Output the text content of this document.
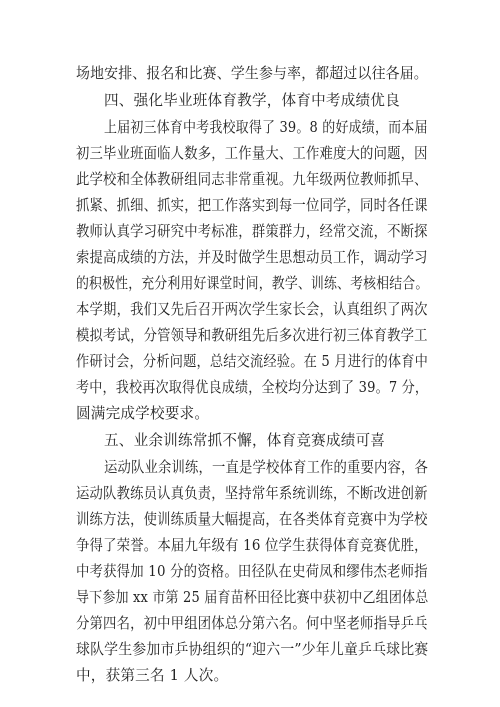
场地安排、报名和比赛、学生参与率，都超过以往各届。
四、强化毕业班体育教学，体育中考成绩优良
上届初三体育中考我校取得了 39。8 的好成绩，而本届
初三毕业班面临人数多，工作量大、工作难度大的问题，因
此学校和全体教研组同志非常重视。九年级两位教师抓早、
抓紧、抓细、抓实，把工作落实到每一位同学，同时各任课
教师认真学习研究中考标准，群策群力，经常交流，不断探
索提高成绩的方法，并及时做学生思想动员工作，调动学习
的积极性，充分利用好课堂时间，教学、训练、考核相结合。
本学期，我们又先后召开两次学生家长会，认真组织了两次
模拟考试，分管领导和教研组先后多次进行初三体育教学工
作研讨会，分析问题，总结交流经验。在 5 月进行的体育中
考中，我校再次取得优良成绩，全校均分达到了 39。7 分，
圆满完成学校要求。
五、业余训练常抓不懈，体育竞赛成绩可喜
运动队业余训练，一直是学校体育工作的重要内容，各
运动队教练员认真负责，坚持常年系统训练，不断改进创新
训练方法，使训练质量大幅提高，在各类体育竞赛中为学校
争得了荣誉。本届九年级有 16 位学生获得体育竞赛优胜，
中考获得加 10 分的资格。田径队在史荷凤和缪伟杰老师指
导下参加 xx 市第 25 届育苗杯田径比赛中获初中乙组团体总
分第四名，初中甲组团体总分第六名。何中坚老师指导乒乓
球队学生参加市乒协组织的“迎六一”少年儿童乒乓球比赛
中，获第三名 1 人次。
